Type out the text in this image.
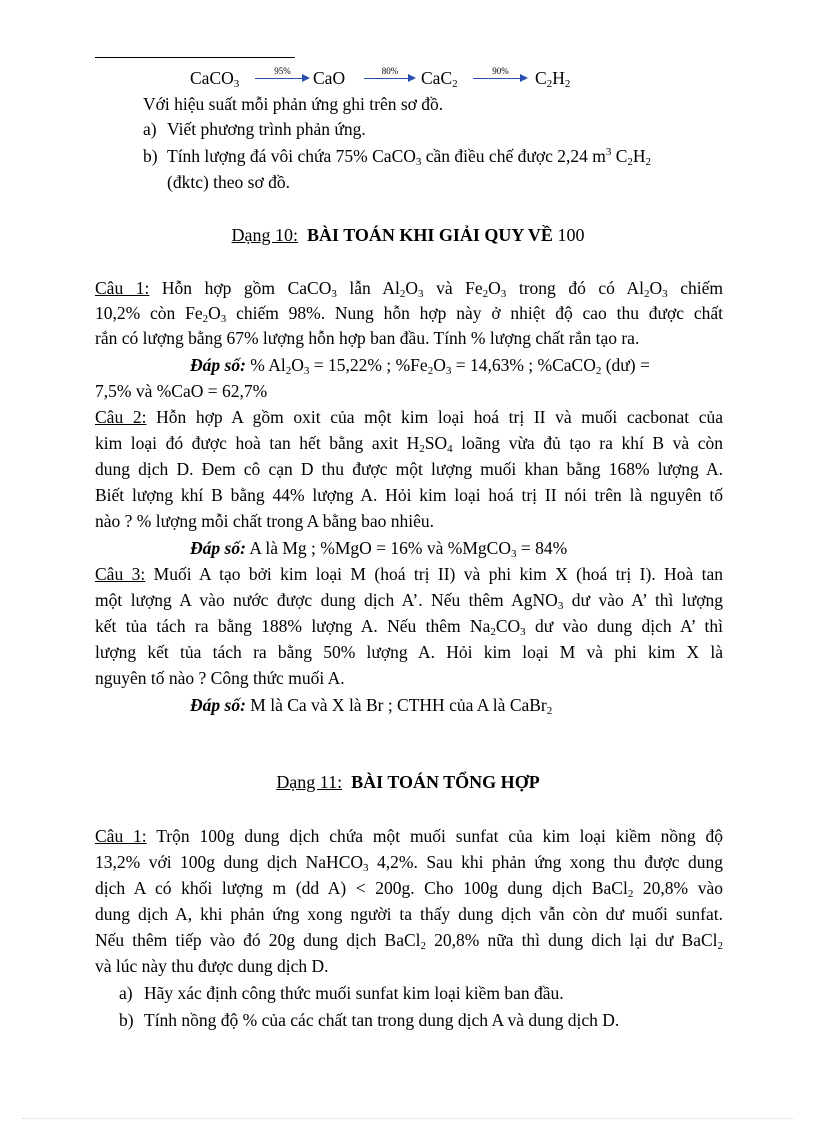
CaCO$_3$
95%	CaO	80%	CaC$_2$
90%	$C_2H_2$
Với hiệu suất mỗi phản ứng ghi trên sơ đồ.
a) Viết phương trình phản ứng.
b) Tính lượng đá vôi chứa 75% CaCO$_3$ cần điều chế được 2,24 $m^3$ $C_2H_2$
(đktc) theo sơ đồ.
Dạng 10: BÀI TOÁN KHI GIẢI QUY VỀ 100
Câu 1: Hỗn hợp gồm CaCO$_3$ lẫn $Al_2O_3$ và $Fe_2O_3$ trong đó có $Al_2O_3$ chiếm
10,2% còn $Fe_2O_3$ chiếm 98%. Nung hỗn hợp này ở nhiệt độ cao thu được chất
rắn có lượng bằng 67% lượng hỗn hợp ban đầu. Tính % lượng chất rắn tạo ra.
Đáp số: % $Al_2O_3 = 15,22\%$ ; $\%Fe_2O_3 = 14,63\%$ ; %CaCO$_2$ (dư) =
7,5% và %CaO = 62,7%
Câu 2: Hỗn hợp A gồm oxit của một kim loại hoá trị II và muối cacbonat của
kim loại đó được hoà tan hết bằng axit $H_2SO_4$ loãng vừa đủ tạo ra khí B và còn
dung dịch D. Đem cô cạn D thu được một lượng muối khan bằng 168% lượng A.
Biết lượng khí B bằng 44% lượng A. Hỏi kim loại hoá trị II nói trên là nguyên tố
nào ? % lượng mỗi chất trong A bằng bao nhiêu.
Đáp số: A là Mg ; %MgO = 16% và %MgCO$_3$ = 84%
Câu 3: Muối A tạo bởi kim loại M (hoá trị II) và phi kim X (hoá trị I). Hoà tan
một lượng A vào nước được dung dịch A’. Nếu thêm AgNO$_3$ dư vào A’ thì lượng
kết tủa tách ra bằng 188% lượng A. Nếu thêm $Na_2CO_3$ dư vào dung dịch A’ thì
lượng kết tủa tách ra bằng 50% lượng A. Hỏi kim loại M và phi kim X là
nguyên tố nào ? Công thức muối A.
Đáp số: M là Ca và X là Br ; CTHH của A là CaBr$_2$
Dạng 11: BÀI TOÁN TỔNG HỢP
Câu 1: Trộn 100g dung dịch chứa một muối sunfat của kim loại kiềm nồng độ
13,2% với 100g dung dịch NaHCO$_3$ 4,2%. Sau khi phản ứng xong thu được dung
dịch A có khối lượng m (dd A) < 200g. Cho 100g dung dịch BaCl$_2$ 20,8% vào
dung dịch A, khi phản ứng xong người ta thấy dung dịch vẫn còn dư muối sunfat.
Nếu thêm tiếp vào đó 20g dung dịch BaCl$_2$ 20,8% nữa thì dung dich lại dư BaCl$_2$
và lúc này thu được dung dịch D.
a) Hãy xác định công thức muối sunfat kim loại kiềm ban đầu.
b) Tính nồng độ % của các chất tan trong dung dịch A và dung dịch D.
